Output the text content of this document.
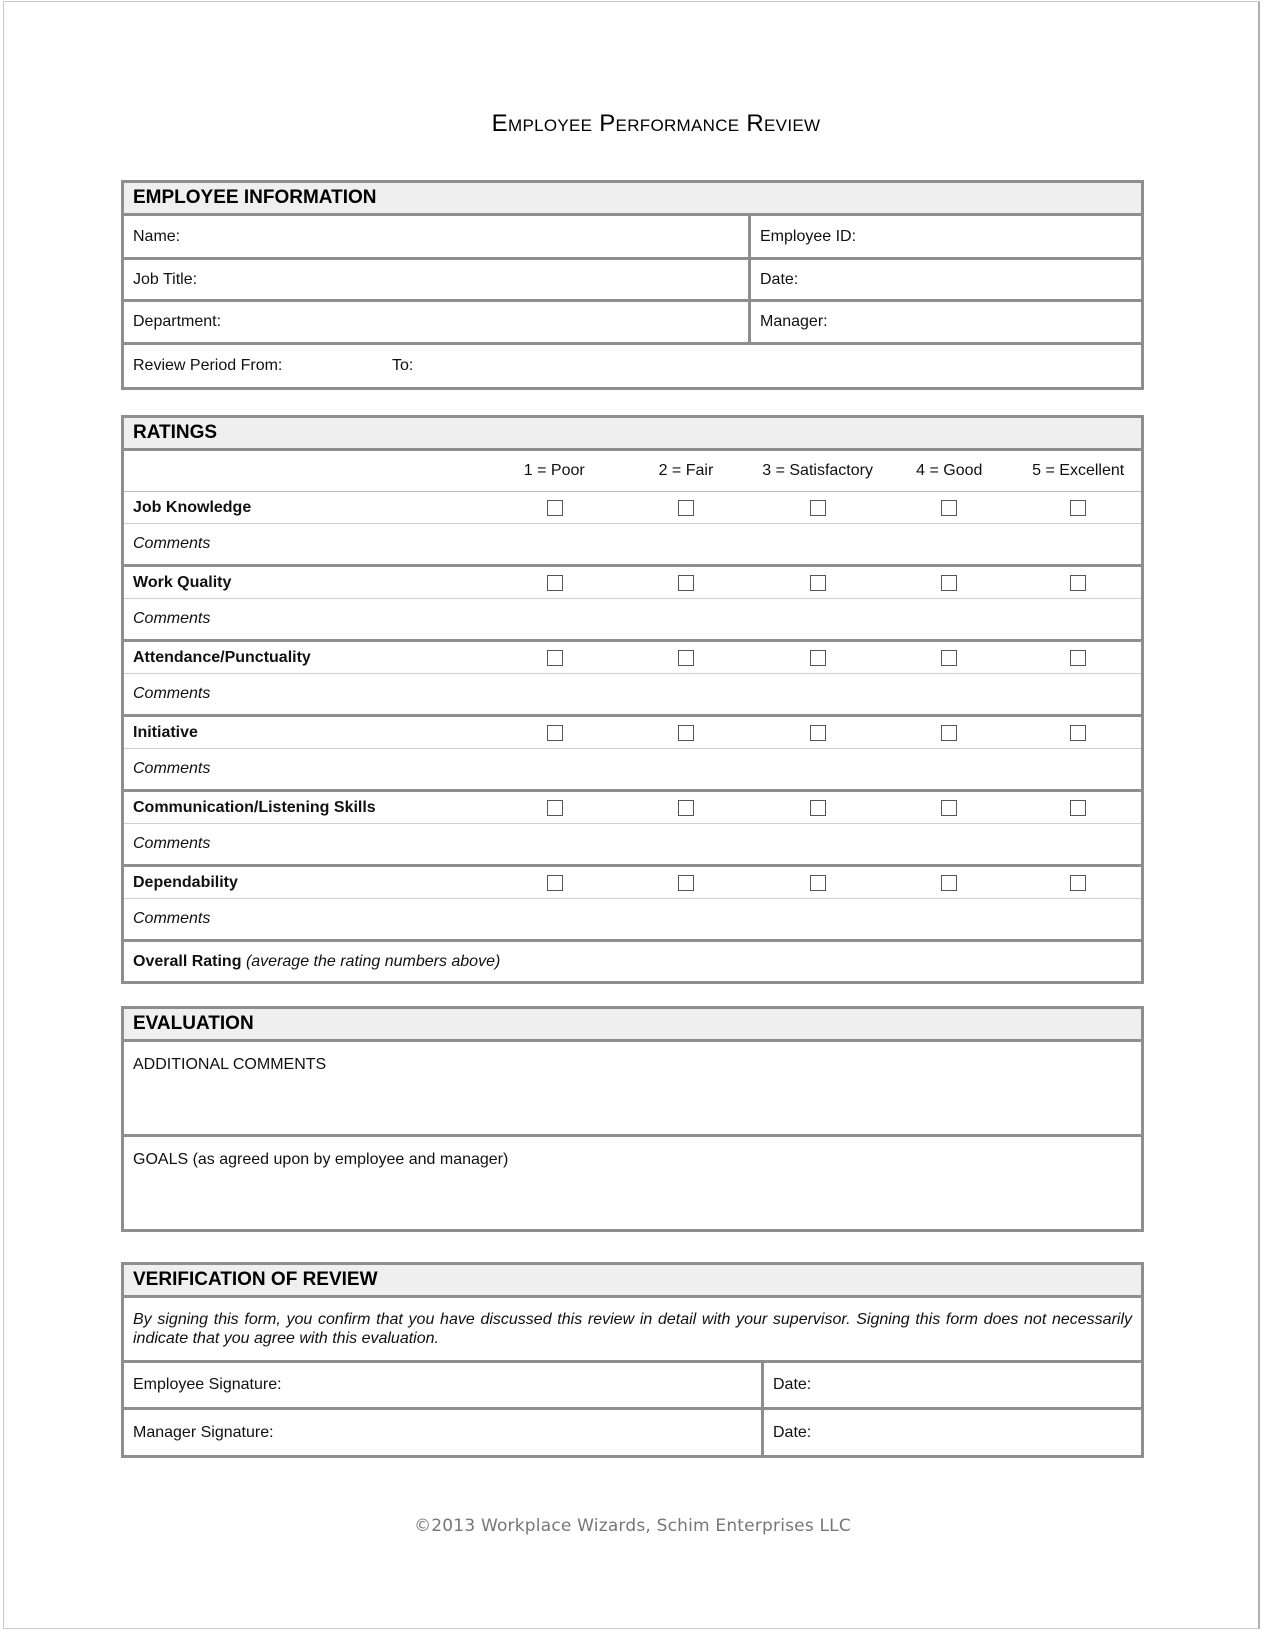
Employee Performance Review
EMPLOYEE INFORMATION
Name:	Employee ID:
Job Title:	Date:
Department:	Manager:
Review Period From:	To:
RATINGS
1 = Poor	2 = Fair	3 = Satisfactory	4 = Good	5 = Excellent
Job Knowledge
Comments
Work Quality
Comments
Attendance/Punctuality
Comments
Initiative
Comments
Communication/Listening Skills
Comments
Dependability
Comments
Overall Rating (average the rating numbers above)
EVALUATION
ADDITIONAL COMMENTS
GOALS (as agreed upon by employee and manager)
VERIFICATION OF REVIEW
By signing this form, you confirm that you have discussed this review in detail with your supervisor. Signing this form does not necessarily indicate that you agree with this evaluation.
Employee Signature:	Date:
Manager Signature:	Date:
©2013 Workplace Wizards, Schim Enterprises LLC
